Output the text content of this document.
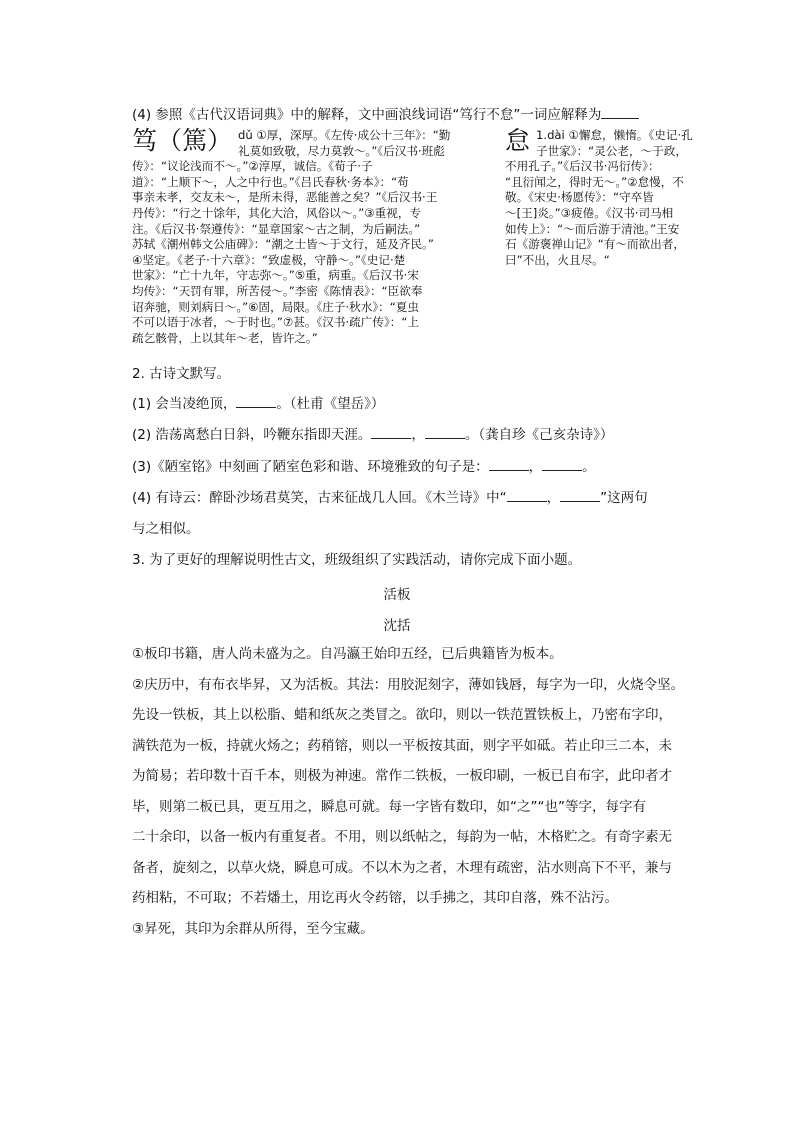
(4) 参照《古代汉语词典》中的解释，文中画浪线词语“笃行不怠”一词应解释为
笃（篤） dǔ ①厚，深厚。《左传·成公十三年》：“勤
礼莫如致敬，尽力莫敦～。”《后汉书·班彪
传》：“议论浅而不～。”②淳厚，诚信。《荀子·子
道》：“上顺下～，人之中行也。”《吕氏春秋·务本》：“苟
事亲未孝，交友未～，是所未得，恶能善之矣？”《后汉书·王
丹传》：“行之十馀年，其化大洽，风俗以～。”③重视，专
注。《后汉书·祭遵传》：“显章国家～古之制，为后嗣法。”
苏轼《潮州韩文公庙碑》：“潮之士皆～于文行，延及齐民。”
④坚定。《老子·十六章》：“致虚极，守静～。”《史记·楚
世家》：“亡十九年，守志弥～。”⑤重，病重。《后汉书·宋
均传》：“天罚有罪，所苦侵～。”李密《陈情表》：“臣欲奉
诏奔驰，则刘病日～。”⑥固，局限。《庄子·秋水》：“夏虫
不可以语于冰者，～于时也。”⑦甚。《汉书·疏广传》：“上
疏乞骸骨，上以其年～老，皆许之。”
怠 1.dài ①懈怠，懒惰。《史记·孔
子世家》：“灵公老，～于政，
不用孔子。”《后汉书·冯衍传》：
“且衍闻之，得时无～。”②怠慢，不
敬。《宋史·杨愿传》：“守卒皆
～[王]炎。”③疲倦。《汉书·司马相
如传上》：“～而后游于清池。”王安
石《游褒禅山记》“有～而欲出者，
曰”不出，火且尽。“
2. 古诗文默写。
(1) 会当凌绝顶，	。（杜甫《望岳》）
(2) 浩荡离愁白日斜，吟鞭东指即天涯。	，	。（龚自珍《己亥杂诗》）
(3)《陋室铭》中刻画了陋室色彩和谐、环境雅致的句子是：	，	。
(4) 有诗云：醉卧沙场君莫笑，古来征战几人回。《木兰诗》中“	，	”这两句
与之相似。
3. 为了更好的理解说明性古文，班级组织了实践活动，请你完成下面小题。
活板
沈括
①板印书籍，唐人尚未盛为之。自冯瀛王始印五经，已后典籍皆为板本。
②庆历中，有布衣毕昇，又为活板。其法：用胶泥刻字，薄如钱唇，每字为一印，火烧令坚。
先设一铁板，其上以松脂、蜡和纸灰之类冒之。欲印，则以一铁范置铁板上，乃密布字印，
满铁范为一板，持就火炀之；药稍镕，则以一平板按其面，则字平如砥。若止印三二本，未
为简易；若印数十百千本，则极为神速。常作二铁板，一板印刷，一板已自布字，此印者才
毕，则第二板已具，更互用之，瞬息可就。每一字皆有数印，如“之”“也”等字，每字有
二十余印，以备一板内有重复者。不用，则以纸帖之，每韵为一帖，木格贮之。有奇字素无
备者，旋刻之，以草火烧，瞬息可成。不以木为之者，木理有疏密，沾水则高下不平，兼与
药相粘，不可取；不若燔土，用讫再火令药镕，以手拂之，其印自落，殊不沾污。
③昇死，其印为余群从所得，至今宝藏。
